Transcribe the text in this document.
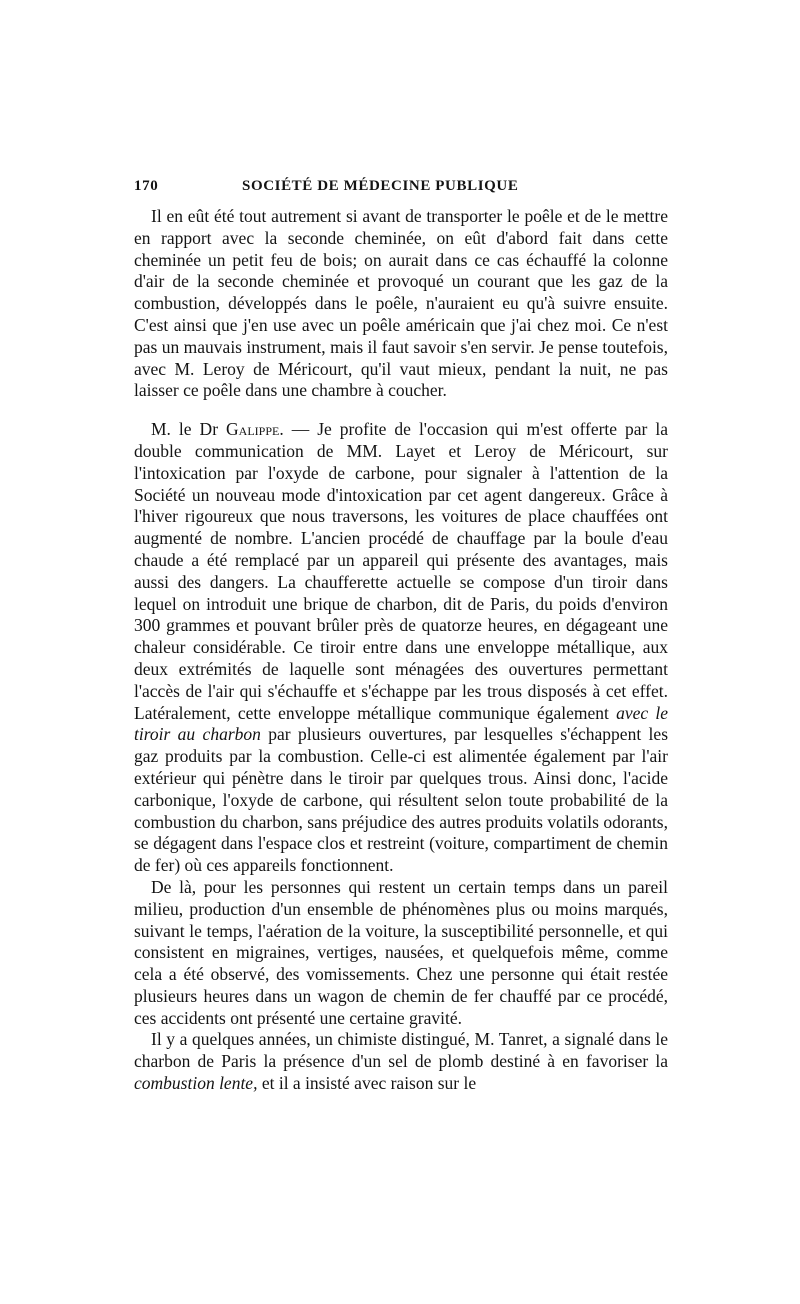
170	SOCIÉTÉ DE MÉDECINE PUBLIQUE

Il en eût été tout autrement si avant de transporter le poêle et de le mettre en rapport avec la seconde cheminée, on eût d'abord fait dans cette cheminée un petit feu de bois; on aurait dans ce cas échauffé la colonne d'air de la seconde cheminée et provoqué un courant que les gaz de la combustion, développés dans le poêle, n'auraient eu qu'à suivre ensuite. C'est ainsi que j'en use avec un poêle américain que j'ai chez moi. Ce n'est pas un mauvais instrument, mais il faut savoir s'en servir. Je pense toutefois, avec M. Leroy de Méricourt, qu'il vaut mieux, pendant la nuit, ne pas laisser ce poêle dans une chambre à coucher.

M. le Dr Galippe. — Je profite de l'occasion qui m'est offerte par la double communication de MM. Layet et Leroy de Méricourt, sur l'intoxication par l'oxyde de carbone, pour signaler à l'attention de la Société un nouveau mode d'intoxication par cet agent dangereux. Grâce à l'hiver rigoureux que nous traversons, les voitures de place chauffées ont augmenté de nombre. L'ancien procédé de chauffage par la boule d'eau chaude a été remplacé par un appareil qui présente des avantages, mais aussi des dangers. La chaufferette actuelle se compose d'un tiroir dans lequel on introduit une brique de charbon, dit de Paris, du poids d'environ 300 grammes et pouvant brûler près de quatorze heures, en dégageant une chaleur considérable. Ce tiroir entre dans une enveloppe métallique, aux deux extrémités de laquelle sont ménagées des ouvertures permettant l'accès de l'air qui s'échauffe et s'échappe par les trous disposés à cet effet. Latéralement, cette enveloppe métallique communique également avec le tiroir au charbon par plusieurs ouvertures, par lesquelles s'échappent les gaz produits par la combustion. Celle-ci est alimentée également par l'air extérieur qui pénètre dans le tiroir par quelques trous. Ainsi donc, l'acide carbonique, l'oxyde de carbone, qui résultent selon toute probabilité de la combustion du charbon, sans préjudice des autres produits volatils odorants, se dégagent dans l'espace clos et restreint (voiture, compartiment de chemin de fer) où ces appareils fonctionnent.

De là, pour les personnes qui restent un certain temps dans un pareil milieu, production d'un ensemble de phénomènes plus ou moins marqués, suivant le temps, l'aération de la voiture, la susceptibilité personnelle, et qui consistent en migraines, vertiges, nausées, et quelquefois même, comme cela a été observé, des vomissements. Chez une personne qui était restée plusieurs heures dans un wagon de chemin de fer chauffé par ce procédé, ces accidents ont présenté une certaine gravité.

Il y a quelques années, un chimiste distingué, M. Tanret, a signalé dans le charbon de Paris la présence d'un sel de plomb destiné à en favoriser la combustion lente, et il a insisté avec raison sur le
